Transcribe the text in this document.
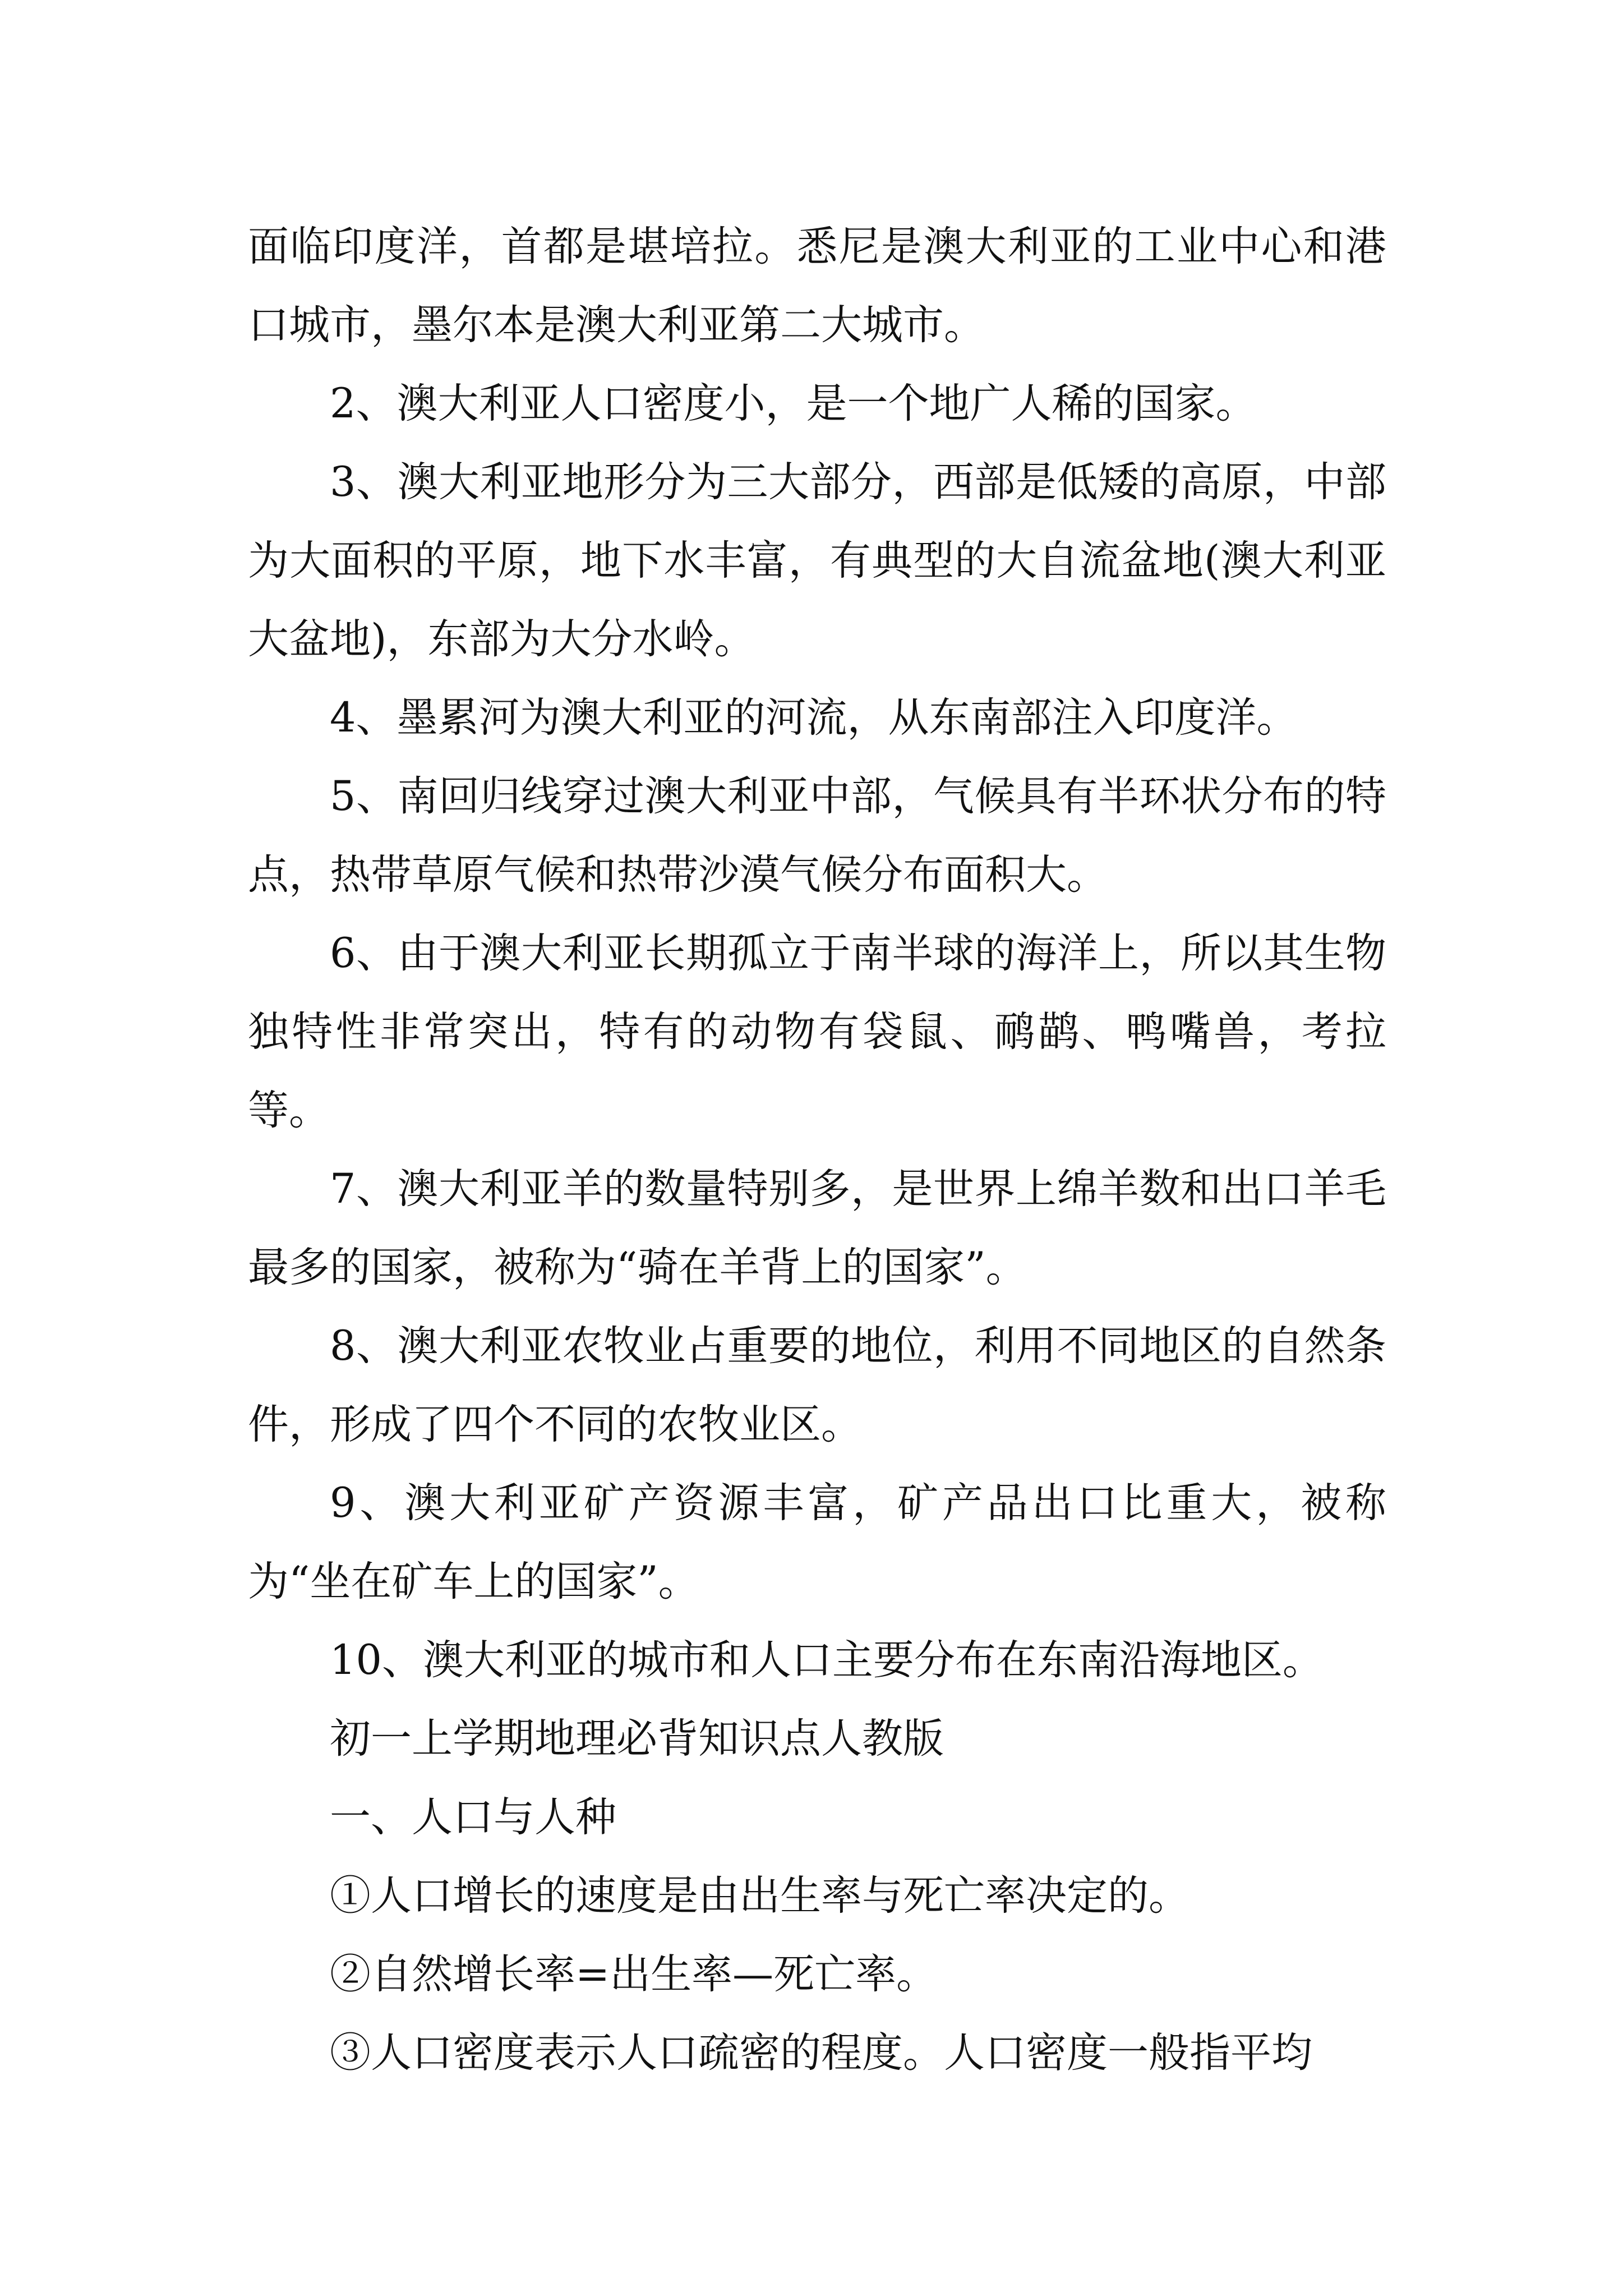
面临印度洋，首都是堪培拉。悉尼是澳大利亚的工业中心和港口城市，墨尔本是澳大利亚第二大城市。

2、澳大利亚人口密度小，是一个地广人稀的国家。

3、澳大利亚地形分为三大部分，西部是低矮的高原，中部为大面积的平原，地下水丰富，有典型的大自流盆地(澳大利亚大盆地)，东部为大分水岭。

4、墨累河为澳大利亚的河流，从东南部注入印度洋。

5、南回归线穿过澳大利亚中部，气候具有半环状分布的特点，热带草原气候和热带沙漠气候分布面积大。

6、由于澳大利亚长期孤立于南半球的海洋上，所以其生物独特性非常突出，特有的动物有袋鼠、鸸鹋、鸭嘴兽，考拉等。

7、澳大利亚羊的数量特别多，是世界上绵羊数和出口羊毛最多的国家，被称为“骑在羊背上的国家”。

8、澳大利亚农牧业占重要的地位，利用不同地区的自然条件，形成了四个不同的农牧业区。

9、澳大利亚矿产资源丰富，矿产品出口比重大，被称为“坐在矿车上的国家”。

10、澳大利亚的城市和人口主要分布在东南沿海地区。

初一上学期地理必背知识点人教版

一、人口与人种

①人口增长的速度是由出生率与死亡率决定的。

②自然增长率=出生率—死亡率。

③人口密度表示人口疏密的程度。人口密度一般指平均
